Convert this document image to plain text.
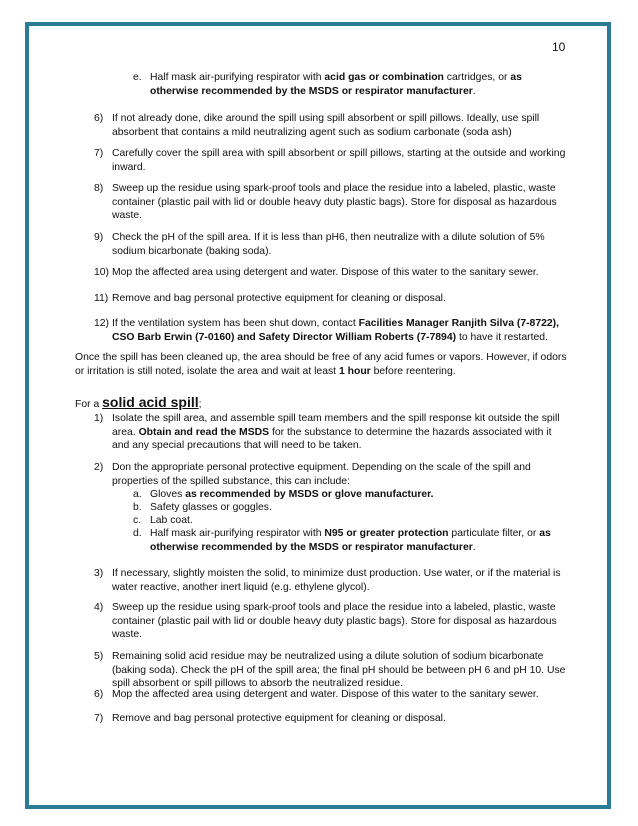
10
e. Half mask air-purifying respirator with acid gas or combination cartridges, or as
otherwise recommended by the MSDS or respirator manufacturer.
6) If not already done, dike around the spill using spill absorbent or spill pillows. Ideally, use spill
absorbent that contains a mild neutralizing agent such as sodium carbonate (soda ash)
7) Carefully cover the spill area with spill absorbent or spill pillows, starting at the outside and working
inward.
8) Sweep up the residue using spark-proof tools and place the residue into a labeled, plastic, waste
container (plastic pail with lid or double heavy duty plastic bags). Store for disposal as hazardous
waste.
9) Check the pH of the spill area. If it is less than pH6, then neutralize with a dilute solution of 5%
sodium bicarbonate (baking soda).
10) Mop the affected area using detergent and water. Dispose of this water to the sanitary sewer.
11) Remove and bag personal protective equipment for cleaning or disposal.
12) If the ventilation system has been shut down, contact Facilities Manager Ranjith Silva (7-8722),
CSO Barb Erwin (7-0160) and Safety Director William Roberts (7-7894) to have it restarted.
Once the spill has been cleaned up, the area should be free of any acid fumes or vapors. However, if odors
or irritation is still noted, isolate the area and wait at least 1 hour before reentering.
For a solid acid spill;
1) Isolate the spill area, and assemble spill team members and the spill response kit outside the spill
area. Obtain and read the MSDS for the substance to determine the hazards associated with it
and any special precautions that will need to be taken.
2) Don the appropriate personal protective equipment. Depending on the scale of the spill and
properties of the spilled substance, this can include:
a. Gloves as recommended by MSDS or glove manufacturer.
b. Safety glasses or goggles.
c. Lab coat.
d. Half mask air-purifying respirator with N95 or greater protection particulate filter, or as
otherwise recommended by the MSDS or respirator manufacturer.
3) If necessary, slightly moisten the solid, to minimize dust production. Use water, or if the material is
water reactive, another inert liquid (e.g. ethylene glycol).
4) Sweep up the residue using spark-proof tools and place the residue into a labeled, plastic, waste
container (plastic pail with lid or double heavy duty plastic bags). Store for disposal as hazardous
waste.
5) Remaining solid acid residue may be neutralized using a dilute solution of sodium bicarbonate
(baking soda). Check the pH of the spill area; the final pH should be between pH 6 and pH 10. Use
spill absorbent or spill pillows to absorb the neutralized residue.
6) Mop the affected area using detergent and water. Dispose of this water to the sanitary sewer.
7) Remove and bag personal protective equipment for cleaning or disposal.
